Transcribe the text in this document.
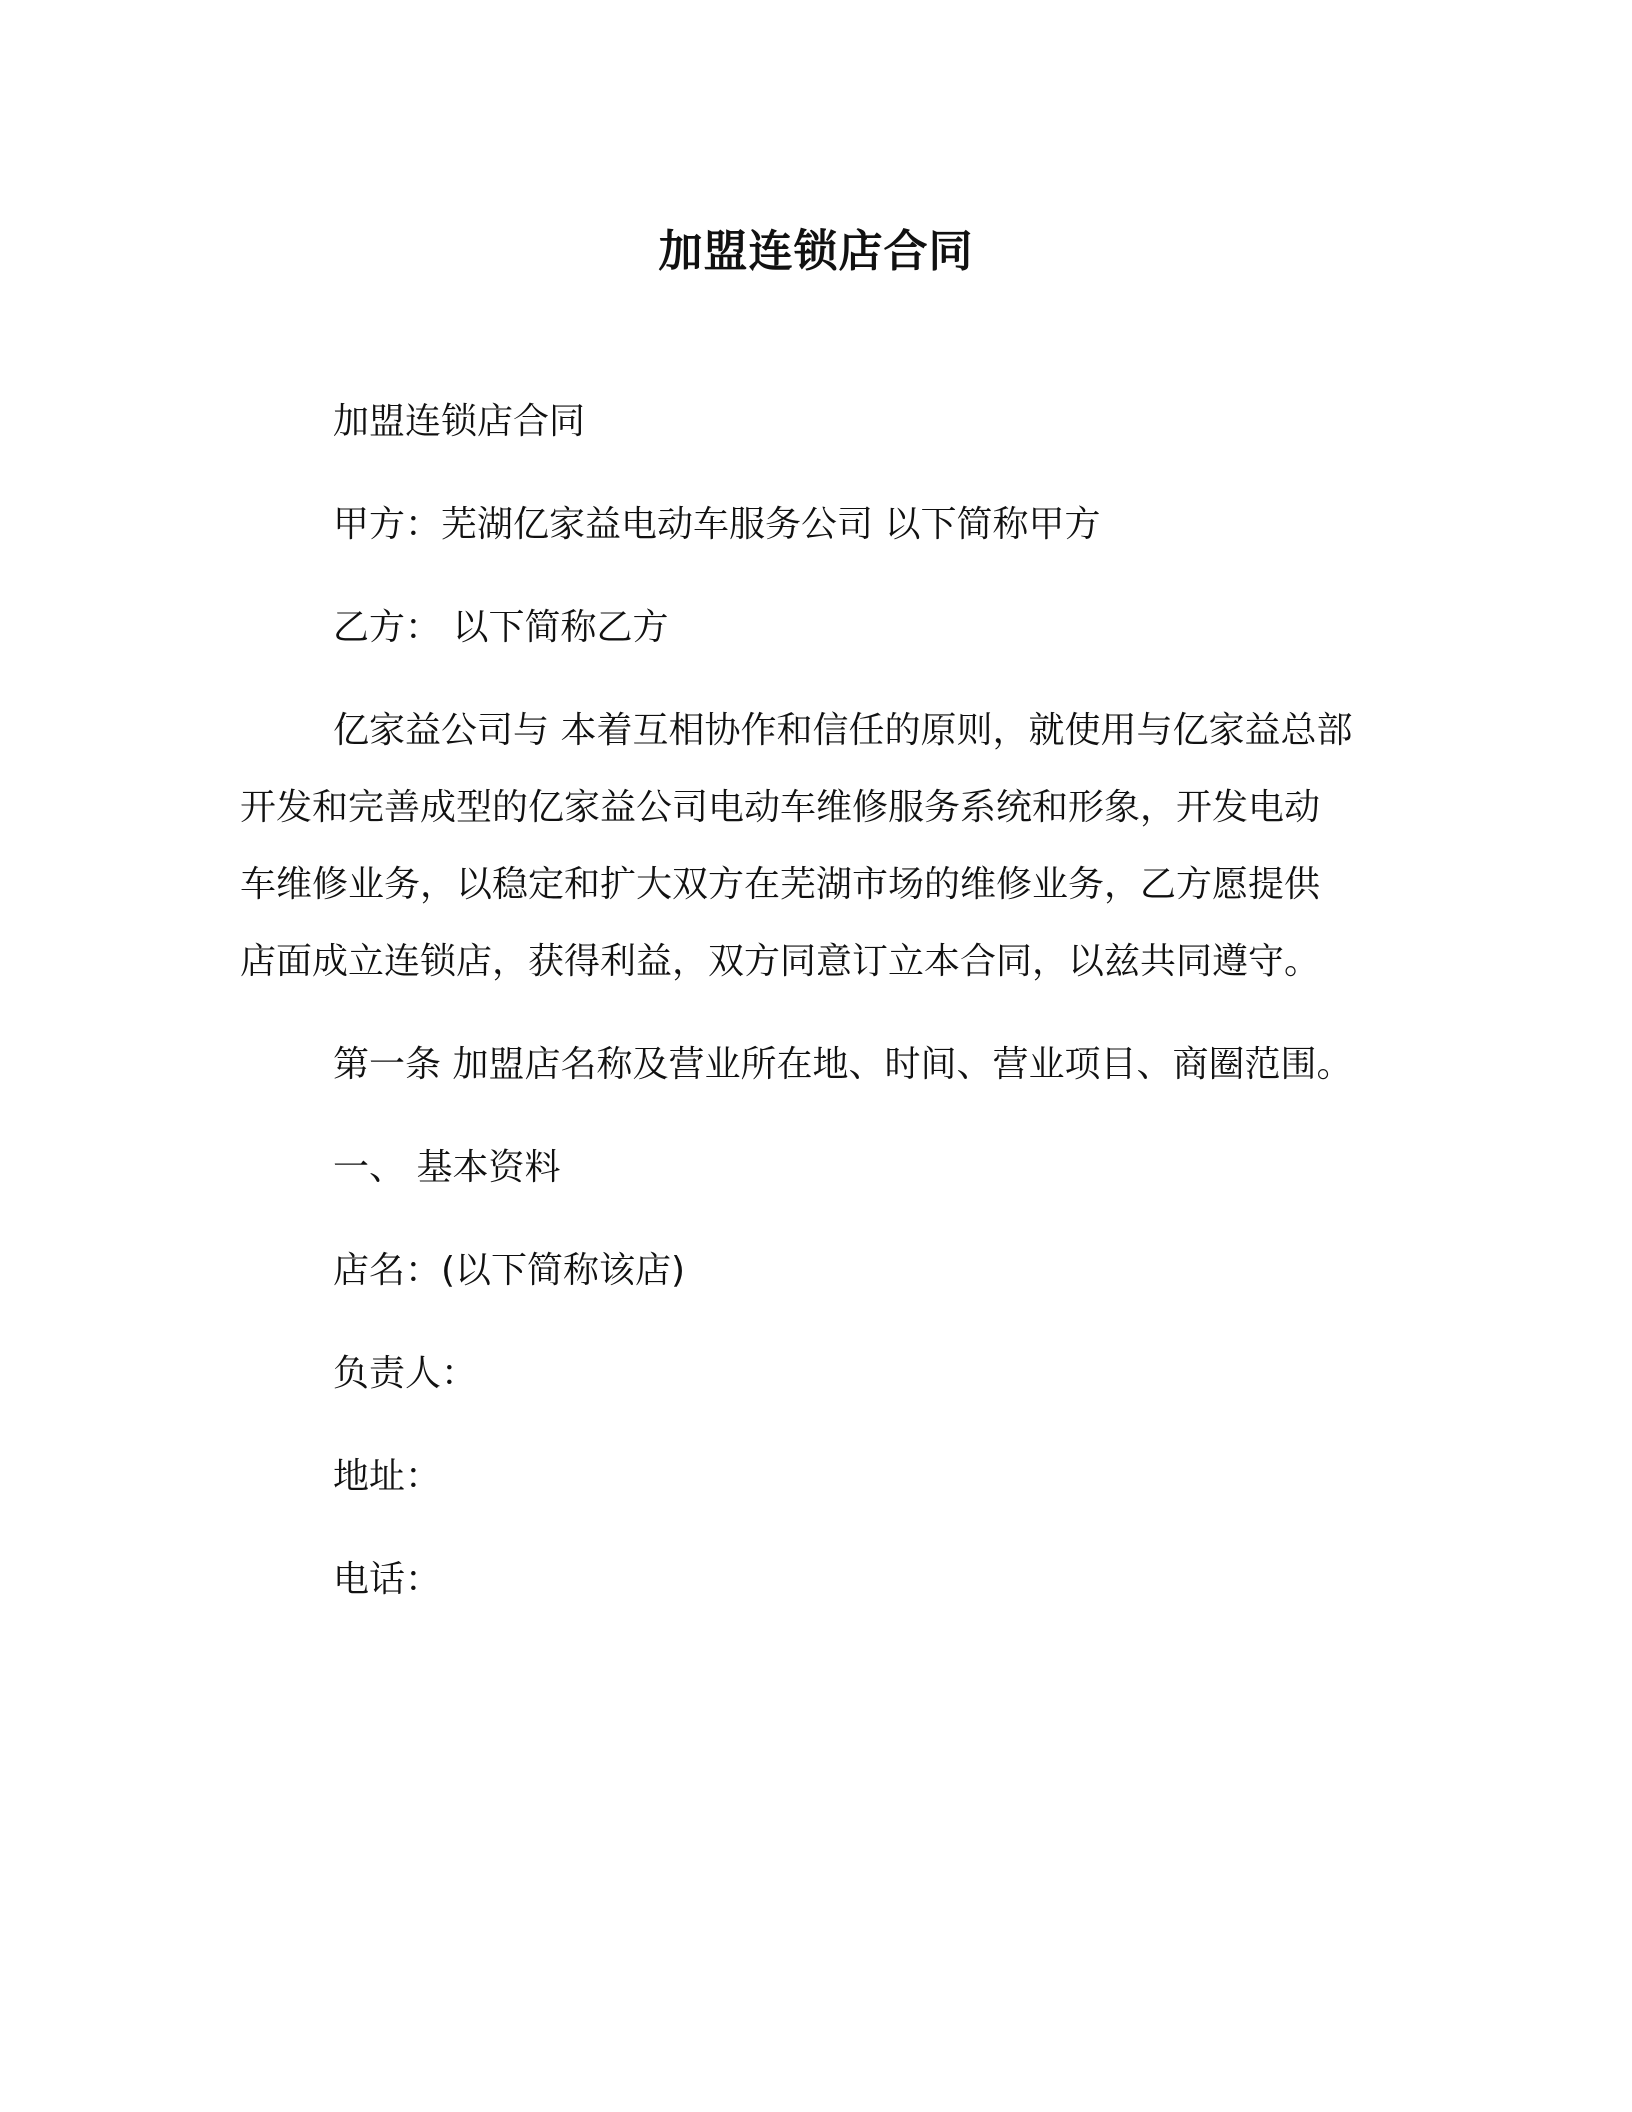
加盟连锁店合同

加盟连锁店合同

甲方：芜湖亿家益电动车服务公司 以下简称甲方

乙方： 以下简称乙方

亿家益公司与 本着互相协作和信任的原则，就使用与亿家益总部

开发和完善成型的亿家益公司电动车维修服务系统和形象，开发电动

车维修业务，以稳定和扩大双方在芜湖市场的维修业务，乙方愿提供

店面成立连锁店，获得利益，双方同意订立本合同，以兹共同遵守。

第一条 加盟店名称及营业所在地、时间、营业项目、商圈范围。

一、 基本资料

店名：(以下简称该店)

负责人：

地址：

电话：
